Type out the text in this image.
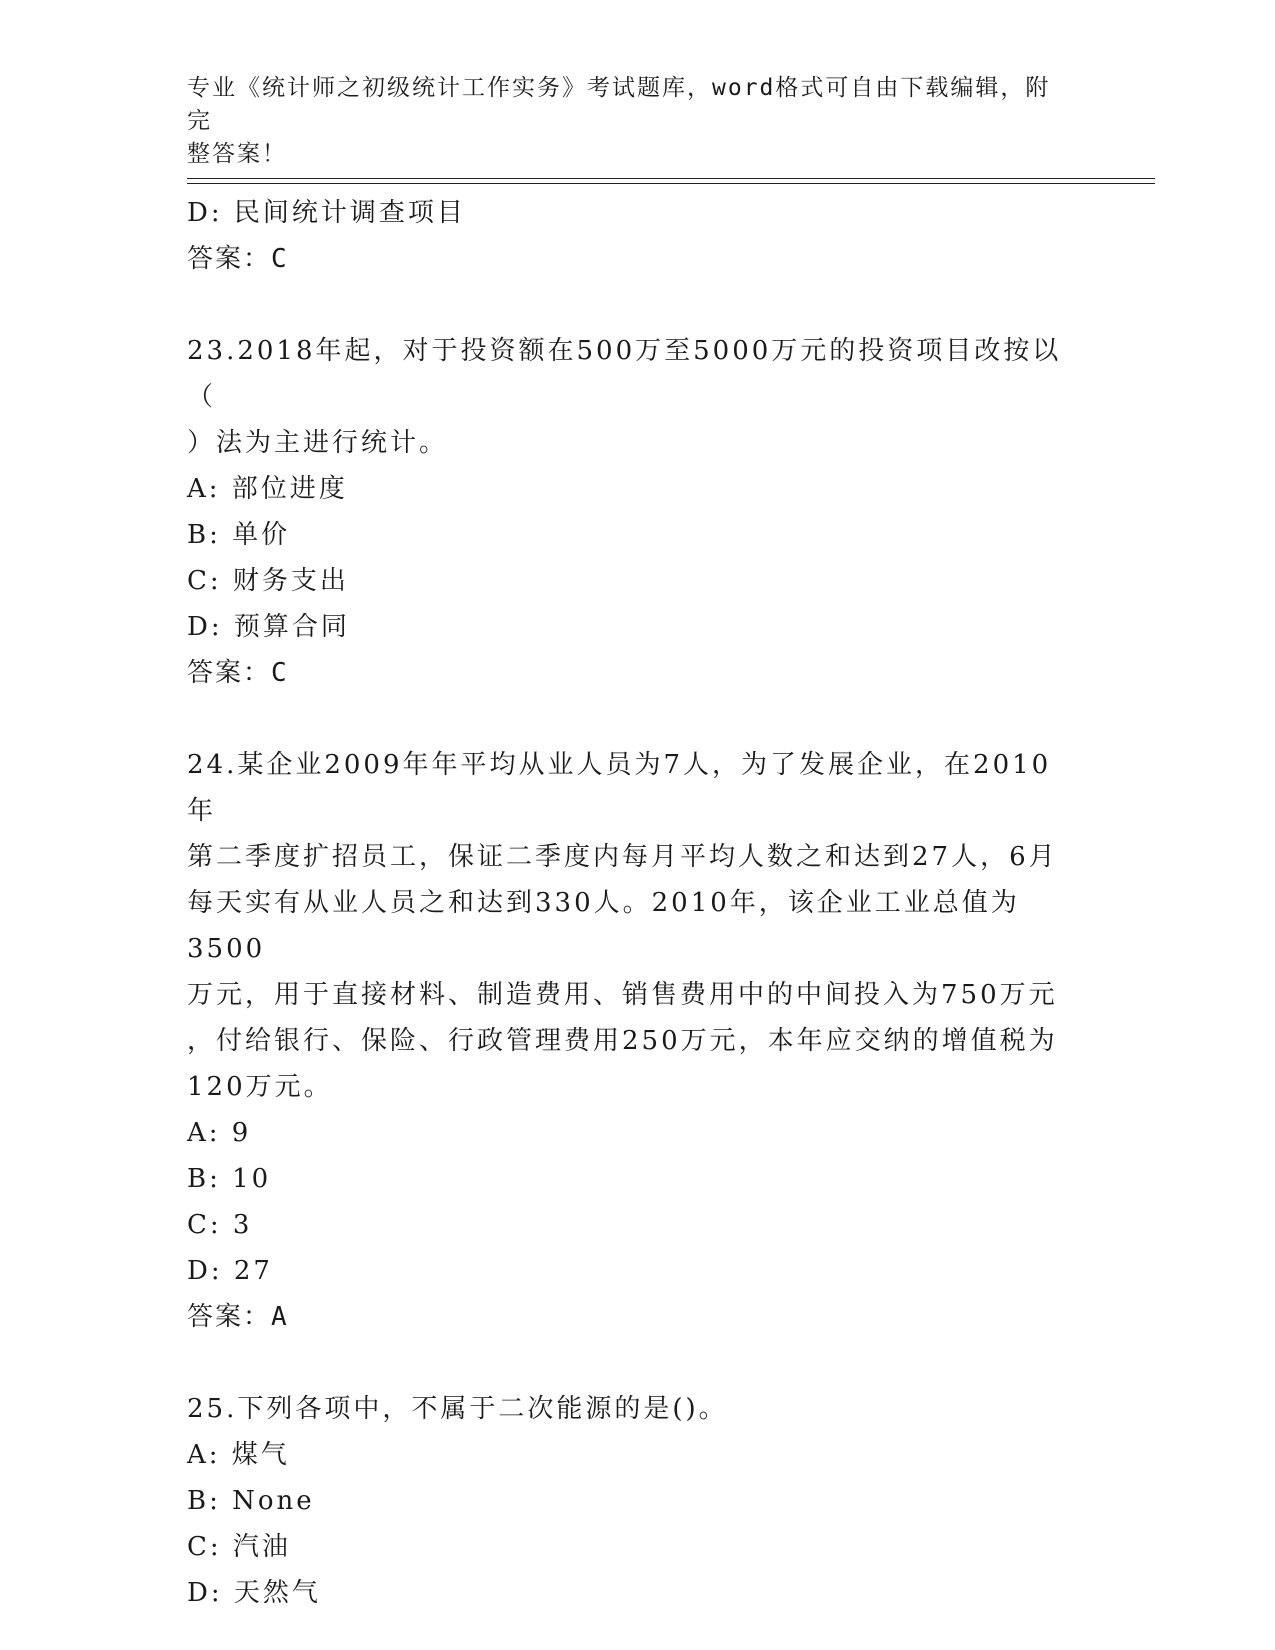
专业《统计师之初级统计工作实务》考试题库，word格式可自由下载编辑，附完
整答案！
D: 民间统计调查项目
答案：C
23.2018年起，对于投资额在500万至5000万元的投资项目改按以（
）法为主进行统计。
A: 部位进度
B: 单价
C: 财务支出
D: 预算合同
答案：C
24.某企业2009年年平均从业人员为7人，为了发展企业，在2010年
第二季度扩招员工，保证二季度内每月平均人数之和达到27人，6月
每天实有从业人员之和达到330人。2010年，该企业工业总值为3500
万元，用于直接材料、制造费用、销售费用中的中间投入为750万元
，付给银行、保险、行政管理费用250万元，本年应交纳的增值税为
120万元。
A: 9
B: 10
C: 3
D: 27
答案：A
25.下列各项中，不属于二次能源的是()。
A: 煤气
B: None
C: 汽油
D: 天然气
